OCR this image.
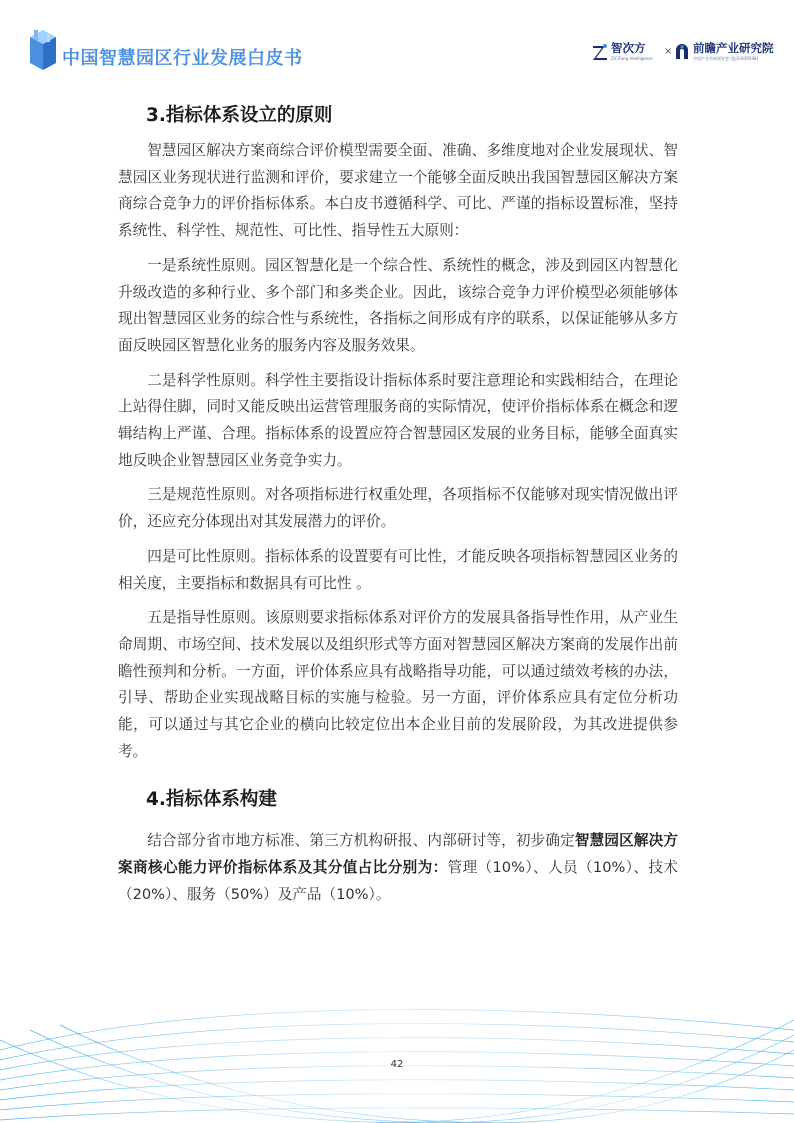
中国智慧园区行业发展白皮书	智次方
ZiCiFang Intelligence
× 前瞻产业研究院
中国产业咨询领导者 (股票:839598)
3.指标体系设立的原则

智慧园区解决方案商综合评价模型需要全面、准确、多维度地对企业发展现状、智慧园区业务现状进行监测和评价，要求建立一个能够全面反映出我国智慧园区解决方案商综合竞争力的评价指标体系。本白皮书遵循科学、可比、严谨的指标设置标准，坚持系统性、科学性、规范性、可比性、指导性五大原则：

一是系统性原则。园区智慧化是一个综合性、系统性的概念，涉及到园区内智慧化升级改造的多种行业、多个部门和多类企业。因此，该综合竞争力评价模型必须能够体现出智慧园区业务的综合性与系统性，各指标之间形成有序的联系，以保证能够从多方面反映园区智慧化业务的服务内容及服务效果。

二是科学性原则。科学性主要指设计指标体系时要注意理论和实践相结合，在理论上站得住脚，同时又能反映出运营管理服务商的实际情况，使评价指标体系在概念和逻辑结构上严谨、合理。指标体系的设置应符合智慧园区发展的业务目标，能够全面真实地反映企业智慧园区业务竞争实力。

三是规范性原则。对各项指标进行权重处理，各项指标不仅能够对现实情况做出评价，还应充分体现出对其发展潜力的评价。

四是可比性原则。指标体系的设置要有可比性，才能反映各项指标智慧园区业务的相关度，主要指标和数据具有可比性 。

五是指导性原则。该原则要求指标体系对评价方的发展具备指导性作用，从产业生命周期、市场空间、技术发展以及组织形式等方面对智慧园区解决方案商的发展作出前瞻性预判和分析。一方面，评价体系应具有战略指导功能，可以通过绩效考核的办法，引导、帮助企业实现战略目标的实施与检验。另一方面，评价体系应具有定位分析功能，可以通过与其它企业的横向比较定位出本企业目前的发展阶段，为其改进提供参考。

4.指标体系构建

结合部分省市地方标准、第三方机构研报、内部研讨等，初步确定智慧园区解决方案商核心能力评价指标体系及其分值占比分别为：管理（10%）、人员（10%）、技术（20%）、服务（50%）及产品（10%）。

42
